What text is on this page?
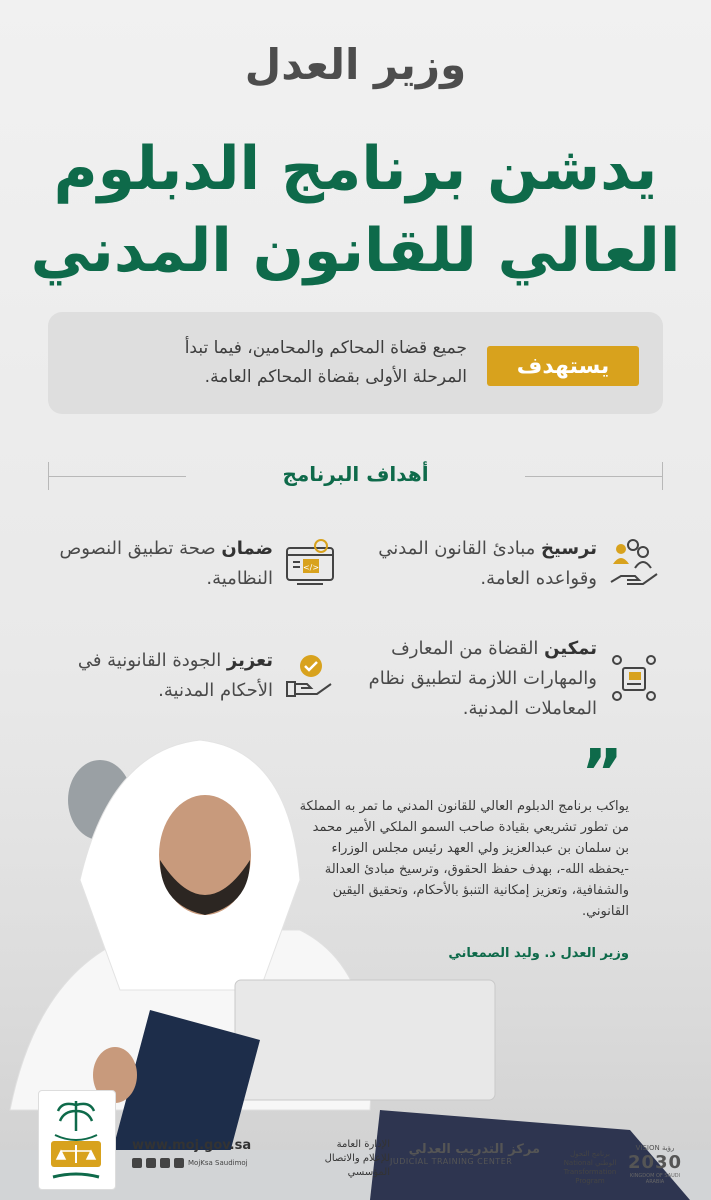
وزير العدل
يدشن برنامج الدبلوم
العالي للقانون المدني
يستهدف
جميع قضاة المحاكم والمحامين، فيما تبدأ
المرحلة الأولى بقضاة المحاكم العامة.
أهداف البرنامج
ترسيخ مبادئ القانون المدني وقواعده العامة.
</>
ضمان صحة تطبيق النصوص النظامية.
تمكين القضاة من المعارف والمهارات اللازمة لتطبيق نظام المعاملات المدنية.
تعزيز الجودة القانونية في الأحكام المدنية.
”
يواكب برنامج الدبلوم العالي للقانون المدني ما تمر به المملكة من تطور تشريعي بقيادة صاحب السمو الملكي الأمير محمد بن سلمان بن عبدالعزيز ولي العهد رئيس مجلس الوزراء -يحفظه الله-، بهدف حفظ الحقوق، وترسيخ مبادئ العدالة والشفافية، وتعزيز إمكانية التنبؤ بالأحكام، وتحقيق اليقين القانوني.
وزير العدل د. وليد الصمعاني
www.moj.gov.sa
MojKsa Saudimoj
الإدارة العامة للإعلام والاتصال المؤسسي
مركز التدريب العدلي
JUDICIAL TRAINING CENTER
برنامج التحول الوطني National Transformation Program
VISION رؤية
2030
KINGDOM OF SAUDI ARABIA
